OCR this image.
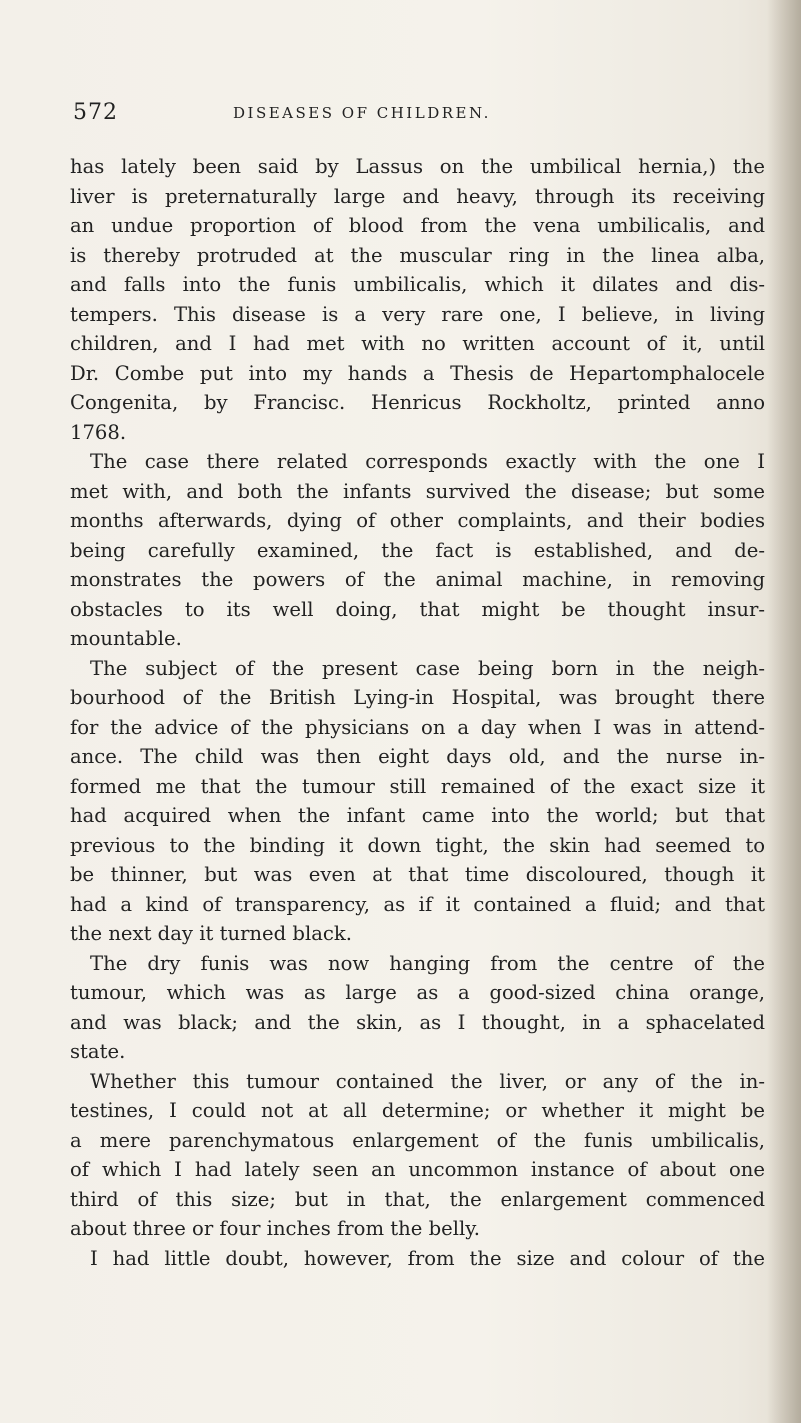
572	DISEASES OF CHILDREN.
has lately been said by Lassus on the umbilical hernia,) the
liver is preternaturally large and heavy, through its receiving
an undue proportion of blood from the vena umbilicalis, and
is thereby protruded at the muscular ring in the linea alba,
and falls into the funis umbilicalis, which it dilates and dis-
tempers. This disease is a very rare one, I believe, in living
children, and I had met with no written account of it, until
Dr. Combe put into my hands a Thesis de Hepartomphalocele
Congenita, by Francisc. Henricus Rockholtz, printed anno
1768.
The case there related corresponds exactly with the one I
met with, and both the infants survived the disease; but some
months afterwards, dying of other complaints, and their bodies
being carefully examined, the fact is established, and de-
monstrates the powers of the animal machine, in removing
obstacles to its well doing, that might be thought insur-
mountable.
The subject of the present case being born in the neigh-
bourhood of the British Lying-in Hospital, was brought there
for the advice of the physicians on a day when I was in attend-
ance. The child was then eight days old, and the nurse in-
formed me that the tumour still remained of the exact size it
had acquired when the infant came into the world; but that
previous to the binding it down tight, the skin had seemed to
be thinner, but was even at that time discoloured, though it
had a kind of transparency, as if it contained a fluid; and that
the next day it turned black.
The dry funis was now hanging from the centre of the
tumour, which was as large as a good-sized china orange,
and was black; and the skin, as I thought, in a sphacelated
state.
Whether this tumour contained the liver, or any of the in-
testines, I could not at all determine; or whether it might be
a mere parenchymatous enlargement of the funis umbilicalis,
of which I had lately seen an uncommon instance of about one
third of this size; but in that, the enlargement commenced
about three or four inches from the belly.
I had little doubt, however, from the size and colour of the
